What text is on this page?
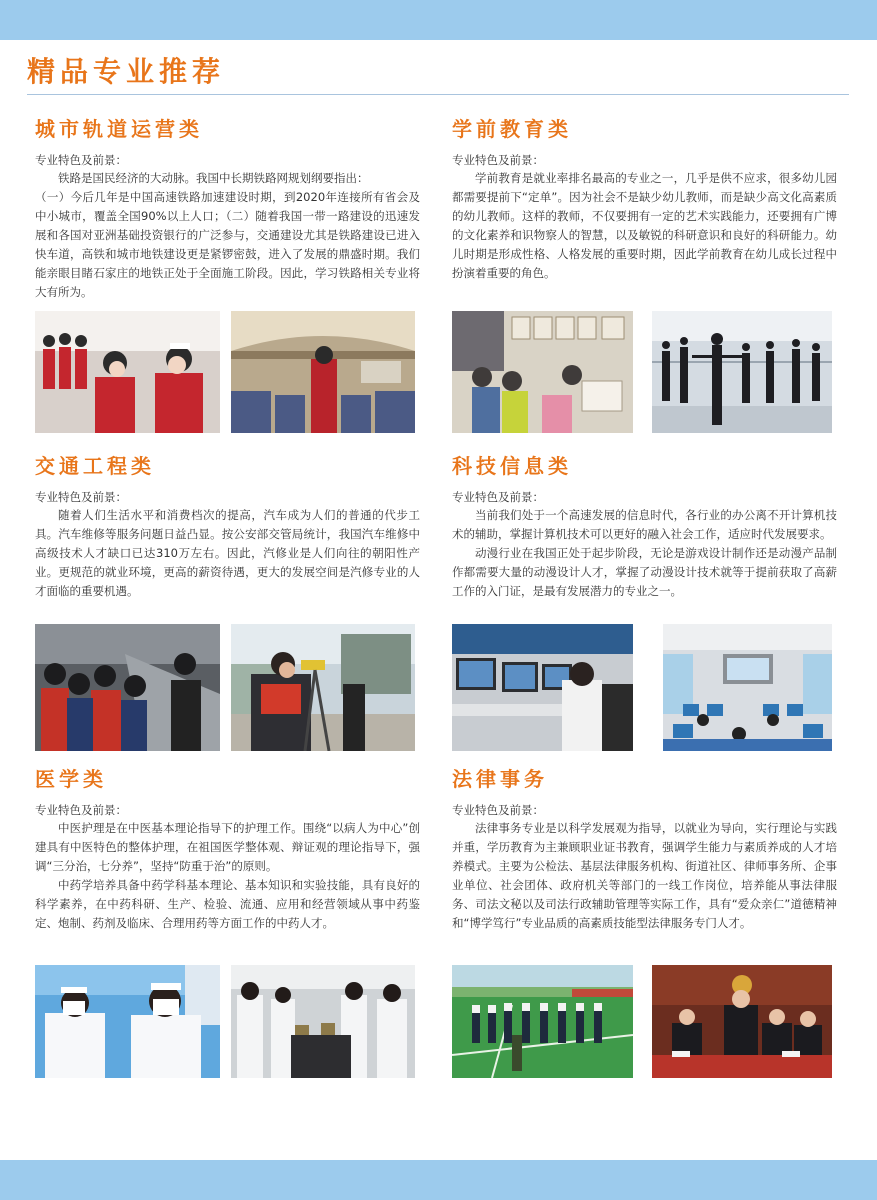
精品专业推荐
城市轨道运营类
专业特色及前景：

铁路是国民经济的大动脉。我国中长期铁路网规划纲要指出：

（一）今后几年是中国高速铁路加速建设时期，到2020年连接所有省会及中小城市，覆盖全国90%以上人口；（二）随着我国一带一路建设的迅速发展和各国对亚洲基础投资银行的广泛参与，交通建设尤其是铁路建设已进入快车道，高铁和城市地铁建设更是紧锣密鼓，进入了发展的鼎盛时期。我们能亲眼目睹石家庄的地铁正处于全面施工阶段。因此，学习铁路相关专业将大有所为。

学前教育类
专业特色及前景：

学前教育是就业率排名最高的专业之一，几乎是供不应求，很多幼儿园都需要提前下“定单”。因为社会不是缺少幼儿教师，而是缺少高文化高素质的幼儿教师。这样的教师，不仅要拥有一定的艺术实践能力，还要拥有广博的文化素养和识物察人的智慧，以及敏锐的科研意识和良好的科研能力。幼儿时期是形成性格、人格发展的重要时期，因此学前教育在幼儿成长过程中扮演着重要的角色。

交通工程类
专业特色及前景：

随着人们生活水平和消费档次的提高，汽车成为人们的普通的代步工具。汽车维修等服务问题日益凸显。按公安部交管局统计，我国汽车维修中高级技术人才缺口已达310万左右。因此，汽修业是人们向往的朝阳性产业。更规范的就业环境，更高的薪资待遇，更大的发展空间是汽修专业的人才面临的重要机遇。

科技信息类
专业特色及前景：

当前我们处于一个高速发展的信息时代，各行业的办公离不开计算机技术的辅助，掌握计算机技术可以更好的融入社会工作，适应时代发展要求。

动漫行业在我国正处于起步阶段，无论是游戏设计制作还是动漫产品制作都需要大量的动漫设计人才，掌握了动漫设计技术就等于提前获取了高薪工作的入门证，是最有发展潜力的专业之一。

医学类
专业特色及前景：

中医护理是在中医基本理论指导下的护理工作。围绕“以病人为中心”创建具有中医特色的整体护理，在祖国医学整体观、辩证观的理论指导下，强调“三分治，七分养”，坚持“防重于治”的原则。

中药学培养具备中药学科基本理论、基本知识和实验技能，具有良好的科学素养，在中药科研、生产、检验、流通、应用和经营领域从事中药鉴定、炮制、药剂及临床、合理用药等方面工作的中药人才。

法律事务
专业特色及前景：

法律事务专业是以科学发展观为指导，以就业为导向，实行理论与实践并重，学历教育为主兼顾职业证书教育，强调学生能力与素质养成的人才培养模式。主要为公检法、基层法律服务机构、街道社区、律师事务所、企事业单位、社会团体、政府机关等部门的一线工作岗位，培养能从事法律服务、司法文秘以及司法行政辅助管理等实际工作，具有“爱众亲仁”道德精神和“博学笃行”专业品质的高素质技能型法律服务专门人才。
